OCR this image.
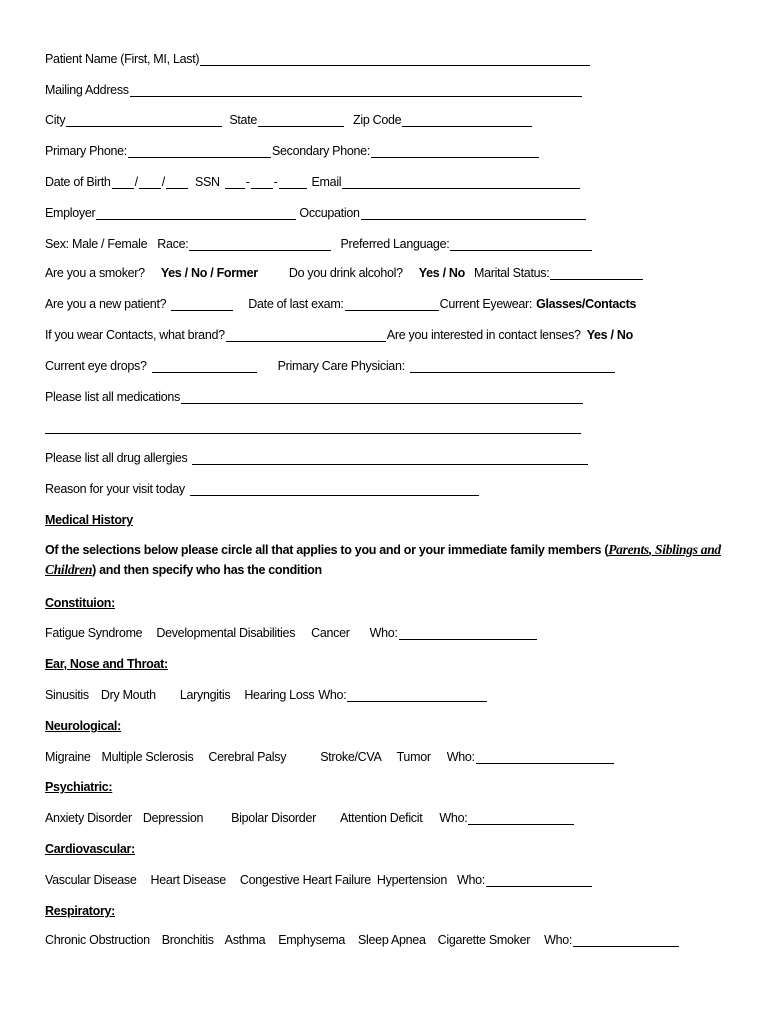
Patient Name (First, MI, Last)
Mailing Address
City	State	Zip Code
Primary Phone:	Secondary Phone:
Date of Birth / / SSN - -	Email
Employer	Occupation
Sex: Male / Female Race:	Preferred Language:
Are you a smoker? Yes / No / Former Do you drink alcohol? Yes / No Marital Status:
Are you a new patient?	Date of last exam:	Current Eyewear: Glasses/Contacts
If you wear Contacts, what brand?	Are you interested in contact lenses? Yes / No
Current eye drops?	Primary Care Physician:
Please list all medications
Please list all drug allergies
Reason for your visit today
Medical History
Of the selections below please circle all that applies to you and or your immediate family members (Parents, Siblings and Children) and then specify who has the condition
Constituion:
Fatigue Syndrome Developmental Disabilities Cancer Who:
Ear, Nose and Throat:
Sinusitis Dry Mouth Laryngitis Hearing Loss Who:
Neurological:
Migraine Multiple Sclerosis Cerebral Palsy	Stroke/CVA Tumor Who:
Psychiatric:
Anxiety Disorder Depression Bipolar Disorder Attention Deficit Who:
Cardiovascular:
Vascular Disease Heart Disease Congestive Heart Failure Hypertension Who:
Respiratory:
Chronic Obstruction Bronchitis Asthma Emphysema Sleep Apnea Cigarette Smoker Who:
